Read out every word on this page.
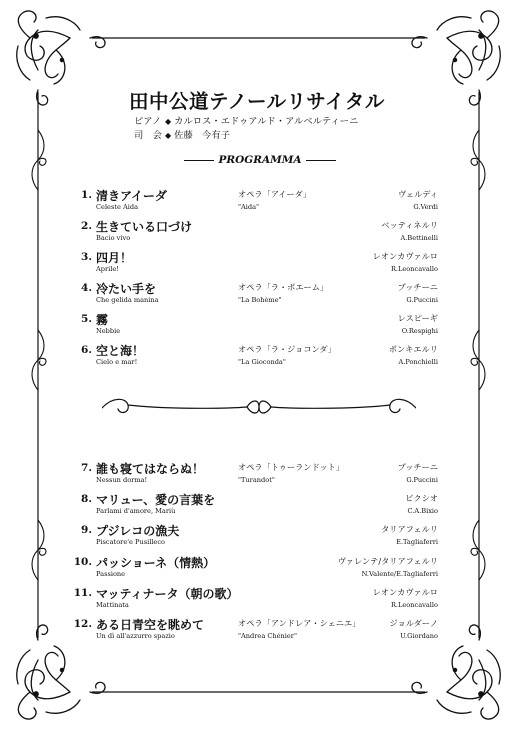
田中公道テノールリサイタル
ピアノ ◆ カルロス・エドゥアルド・アルベルティーニ
司　会 ◆ 佐藤　今有子
PROGRAMMA
1. 清きアイーダ
Celeste Aida
オペラ「アイーダ」
"Aida"
ヴェルディ
G.Verdi
2. 生きている口づけ
Bacio vivo
ベッティネルリ
A.Bettinelli
3. 四月！
Aprile!
レオンカヴァルロ
R.Leoncavallo
4. 冷たい手を
Che gelida manina
オペラ「ラ・ボエーム」
"La Bohème"
プッチーニ
G.Puccini
5. 霧
Nebbie
レスピーギ
O.Respighi
6. 空と海！
Cielo e mar!
オペラ「ラ・ジョコンダ」
"La Gioconda"
ポンキエルリ
A.Ponchielli
7. 誰も寝てはならぬ！
Nessun dorma!
オペラ「トゥーランドット」
"Turandot"
プッチーニ
G.Puccini
8. マリュー、愛の言葉を
Parlami d'amore, Mariù
ビクシオ
C.A.Bixio
9. プジレコの漁夫
Piscatore'e Pusilleco
タリアフェルリ
E.Tagliaferri
10. パッショーネ（情熱）
Passione
ヴァレンテ/タリアフェルリ
N.Valente/E.Tagliaferri
11. マッティナータ（朝の歌）
Mattinata
レオンカヴァルロ
R.Leoncavallo
12. ある日青空を眺めて
Un dì all'azzurro spazio
オペラ「アンドレア・シェニエ」
"Andrea Chénier"
ジョルダーノ
U.Giordano
